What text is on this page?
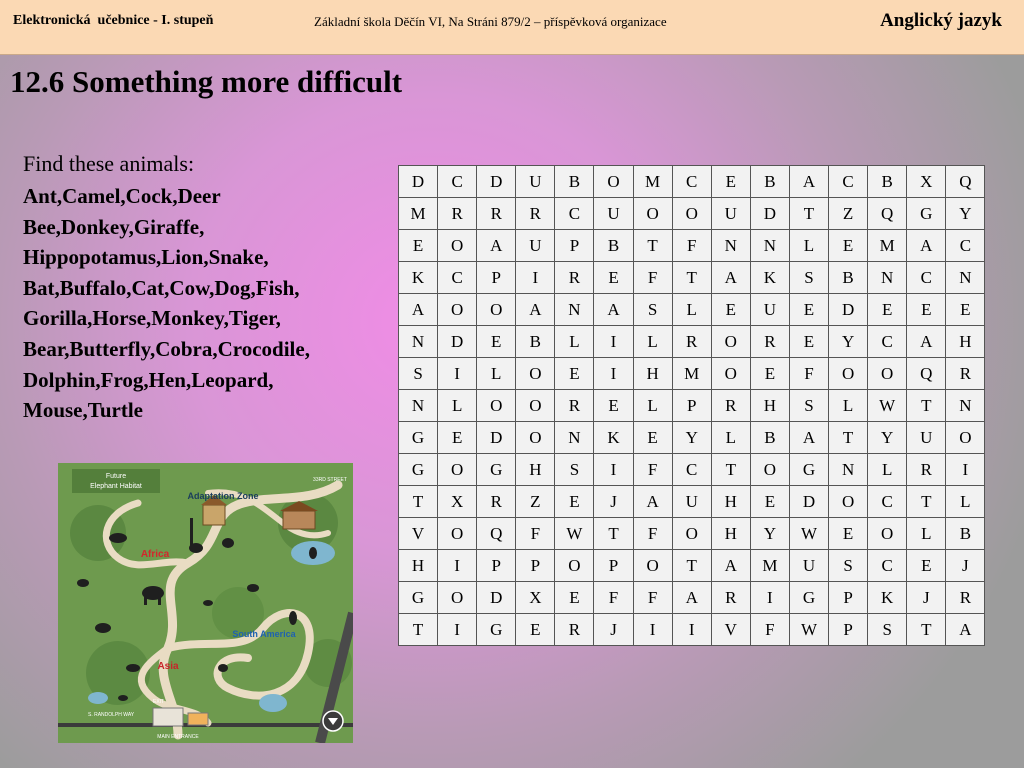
Elektronická  učebnice - I. stupeň	Základní škola Děčín VI, Na Stráni 879/2 – příspěvková organizace	Anglický jazyk
12.6 Something more difficult
Find these animals:
Ant,Camel,Cock,Deer
Bee,Donkey,Giraffe,
Hippopotamus,Lion,Snake,
Bat,Buffalo,Cat,Cow,Dog,Fish,
Gorilla,Horse,Monkey,Tiger,
Bear,Butterfly,Cobra,Crocodile,
Dolphin,Frog,Hen,Leopard,
Mouse,Turtle
D	C	D	U	B	O	M	C	E	B	A	C	B	X	Q
M	R	R	R	C	U	O	O	U	D	T	Z	Q	G	Y
E	O	A	U	P	B	T	F	N	N	L	E	M	A	C
K	C	P	I	R	E	F	T	A	K	S	B	N	C	N
A	O	O	A	N	A	S	L	E	U	E	D	E	E	E
N	D	E	B	L	I	L	R	O	R	E	Y	C	A	H
S	I	L	O	E	I	H	M	O	E	F	O	O	Q	R
N	L	O	O	R	E	L	P	R	H	S	L	W	T	N
G	E	D	O	N	K	E	Y	L	B	A	T	Y	U	O
G	O	G	H	S	I	F	C	T	O	G	N	L	R	I
T	X	R	Z	E	J	A	U	H	E	D	O	C	T	L
V	O	Q	F	W	T	F	O	H	Y	W	E	O	L	B
H	I	P	P	O	P	O	T	A	M	U	S	C	E	J
G	O	D	X	E	F	F	A	R	I	G	P	K	J	R
T	I	G	E	R	J	I	I	V	F	W	P	S	T	A
Future
Elephant Habitat
Adaptation Zone
Africa
South America
Asia
33RD STREET
S. RANDOLPH WAY
MAIN ENTRANCE
EXIT
